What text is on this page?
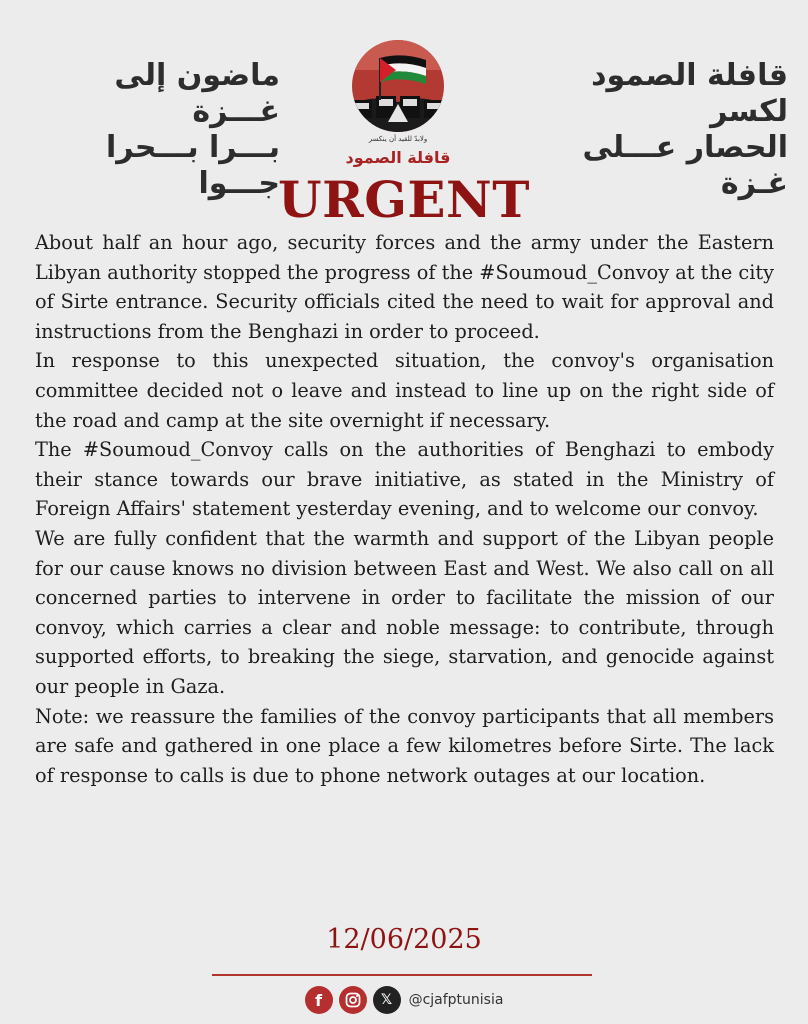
ماضون إلى غـــزة
بـــرا بـــحرا جـــوا
ولابدّ للقيد أن ينكسر
قافلة الصمود
قافلة الصمود لكسر
الحصار عـــلى غـزة
URGENT

About half an hour ago, security forces and the army under the Eastern Libyan authority stopped the progress of the #Soumoud_Convoy at the city of Sirte entrance. Security officials cited the need to wait for approval and instructions from the Benghazi in order to proceed.

In response to this unexpected situation, the convoy's organisation committee decided not o leave and instead to line up on the right side of the road and camp at the site overnight if necessary.

The #Soumoud_Convoy calls on the authorities of Benghazi to embody their stance towards our brave initiative, as stated in the Ministry of Foreign Affairs' statement yesterday evening, and to welcome our convoy.

We are fully confident that the warmth and support of the Libyan people for our cause knows no division between East and West. We also call on all concerned parties to intervene in order to facilitate the mission of our convoy, which carries a clear and noble message: to contribute, through supported efforts, to breaking the siege, starvation, and genocide against our people in Gaza.

Note: we reassure the families of the convoy participants that all members are safe and gathered in one place a few kilometres before Sirte. The lack of response to calls is due to phone network outages at our location.

12/06/2025

f	𝕏	@cjafptunisia
